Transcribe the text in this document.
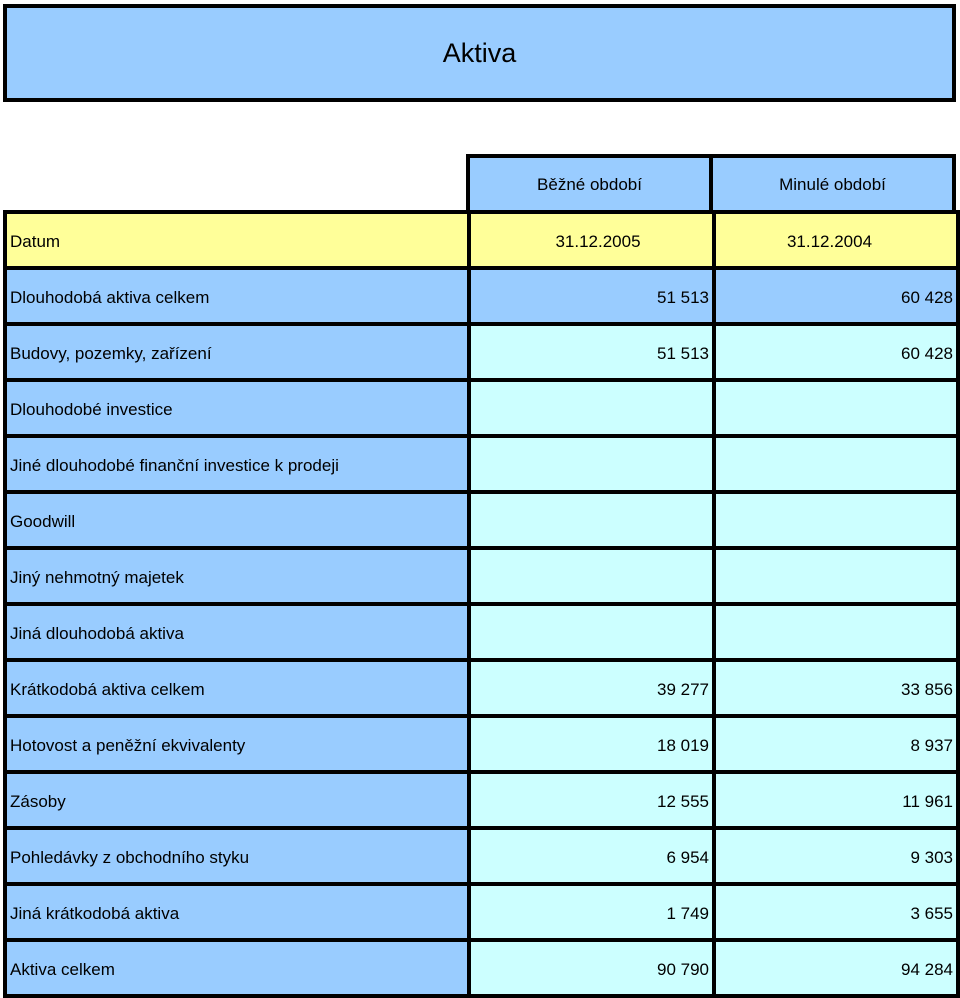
Aktiva
Běžné období	Minulé období
Datum	31.12.2005	31.12.2004
Dlouhodobá aktiva celkem	51 513	60 428
Budovy, pozemky, zařízení	51 513	60 428
Dlouhodobé investice		
Jiné dlouhodobé finanční investice k prodeji		
Goodwill		
Jiný nehmotný majetek		
Jiná dlouhodobá aktiva		
Krátkodobá aktiva celkem	39 277	33 856
Hotovost a peněžní ekvivalenty	18 019	8 937
Zásoby	12 555	11 961
Pohledávky z obchodního styku	6 954	9 303
Jiná krátkodobá aktiva	1 749	3 655
Aktiva celkem	90 790	94 284
